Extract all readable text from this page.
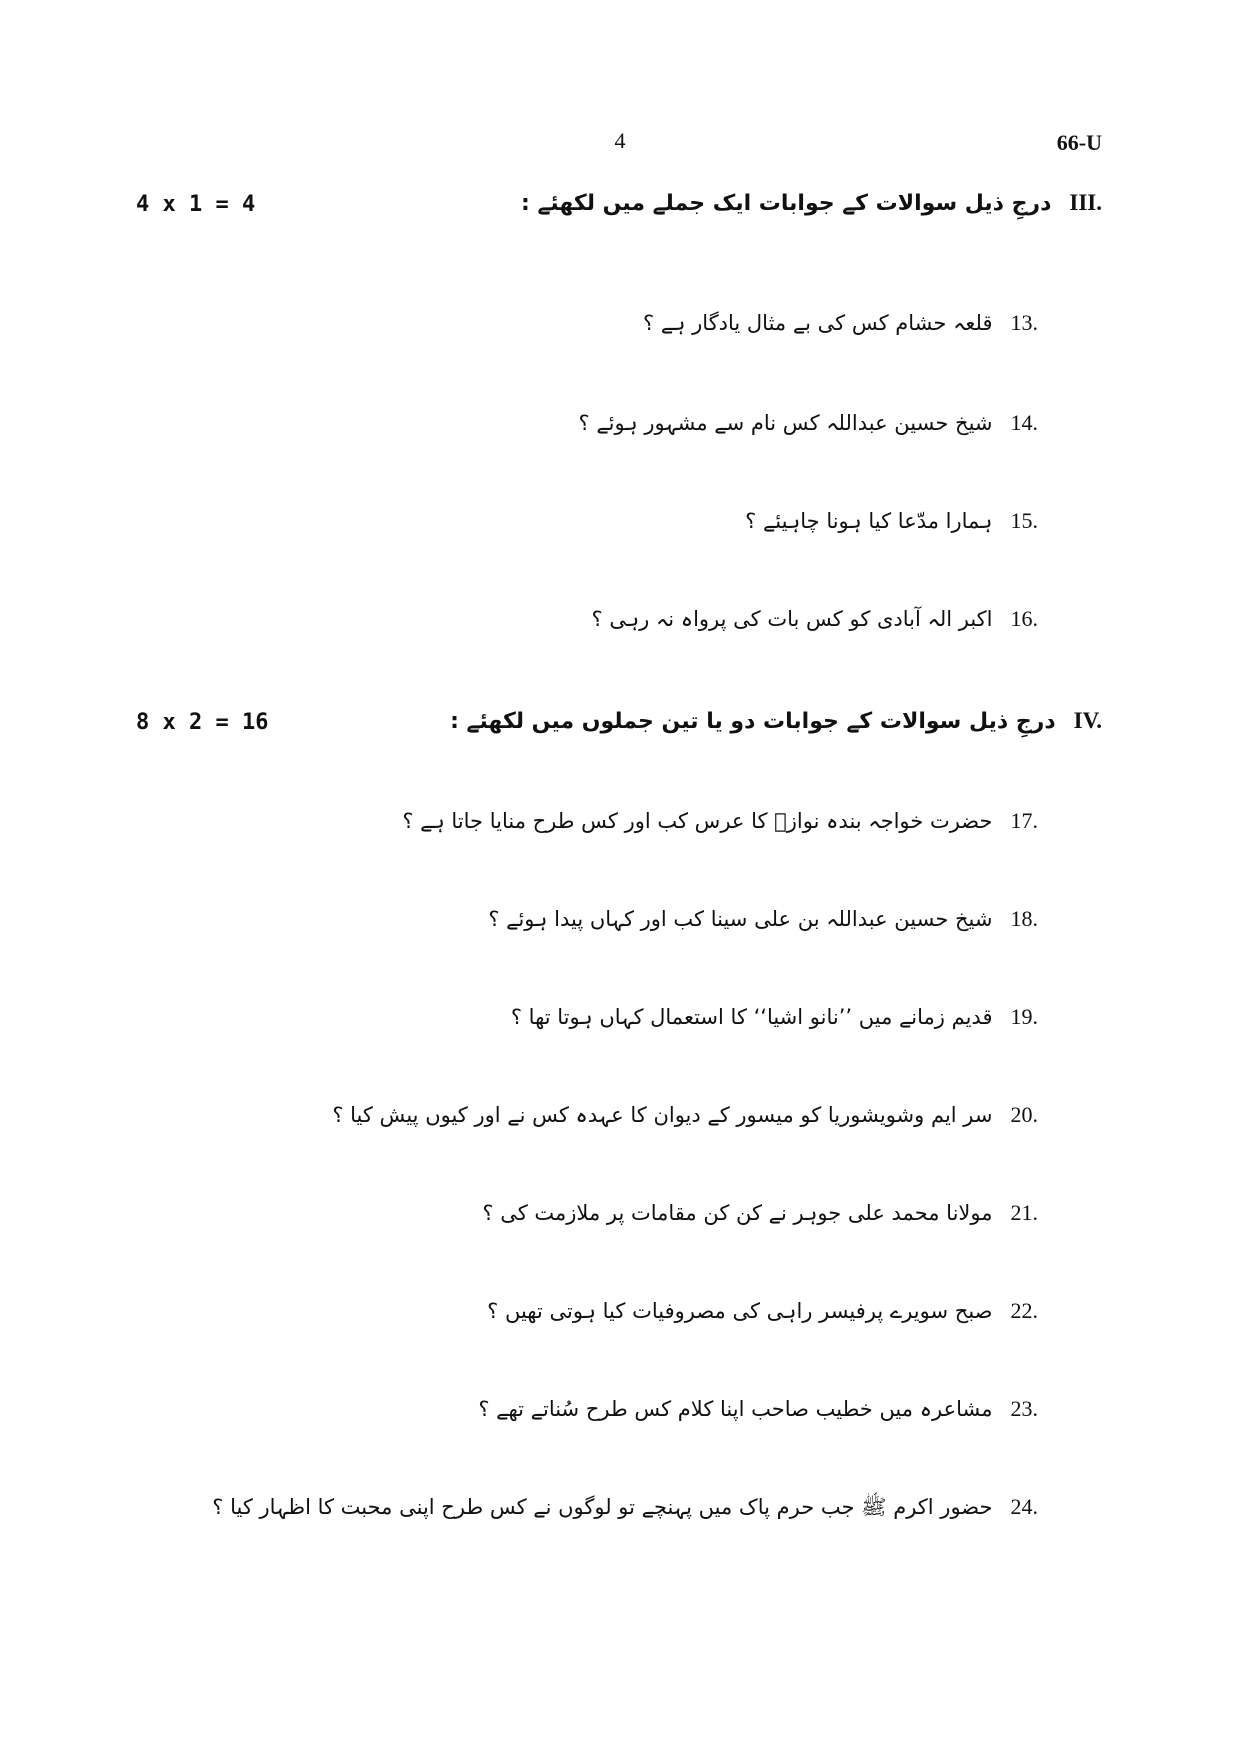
4	66-U
III.
درجِ ذیل سوالات کے جوابات ایک جملے میں لکھئے :
4 x 1 = 4
13.
قلعہ حشام کس کی بے مثال یادگار ہے ؟
14.
شیخ حسین عبداللہ کس نام سے مشہور ہوئے ؟
15.
ہمارا مدّعا کیا ہونا چاہیئے ؟
16.
اکبر الہ آبادی کو کس بات کی پرواہ نہ رہی ؟
IV.
درجِ ذیل سوالات کے جوابات دو یا تین جملوں میں لکھئے :
8 x 2 = 16
17.
حضرت خواجہ بندہ نوازؒ کا عرس کب اور کس طرح منایا جاتا ہے ؟
18.
شیخ حسین عبداللہ بن علی سینا کب اور کہاں پیدا ہوئے ؟
19.
قدیم زمانے میں ’’نانو اشیا‘‘ کا استعمال کہاں ہوتا تھا ؟
20.
سر ایم وشویشوریا کو میسور کے دیوان کا عہدہ کس نے اور کیوں پیش کیا ؟
21.
مولانا محمد علی جوہر نے کن کن مقامات پر ملازمت کی ؟
22.
صبح سویرے پرفیسر راہی کی مصروفیات کیا ہوتی تھیں ؟
23.
مشاعرہ میں خطیب صاحب اپنا کلام کس طرح سُناتے تھے ؟
24.
حضور اکرم ﷺ جب حرم پاک میں پہنچے تو لوگوں نے کس طرح اپنی محبت کا اظہار کیا ؟
